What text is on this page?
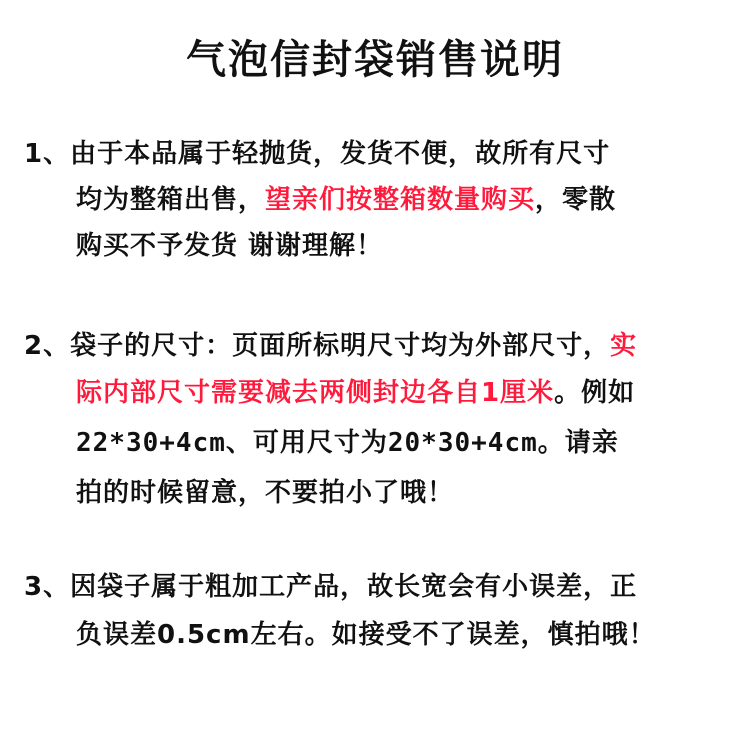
气泡信封袋销售说明
1、由于本品属于轻抛货，发货不便，故所有尺寸
均为整箱出售，望亲们按整箱数量购买，零散
购买不予发货 谢谢理解！
2、袋子的尺寸：页面所标明尺寸均为外部尺寸，实
际内部尺寸需要减去两侧封边各自1厘米。例如
22*30+4cm、可用尺寸为20*30+4cm。请亲
拍的时候留意，不要拍小了哦！
3、因袋子属于粗加工产品，故长宽会有小误差，正
负误差0.5cm左右。如接受不了误差，慎拍哦！
